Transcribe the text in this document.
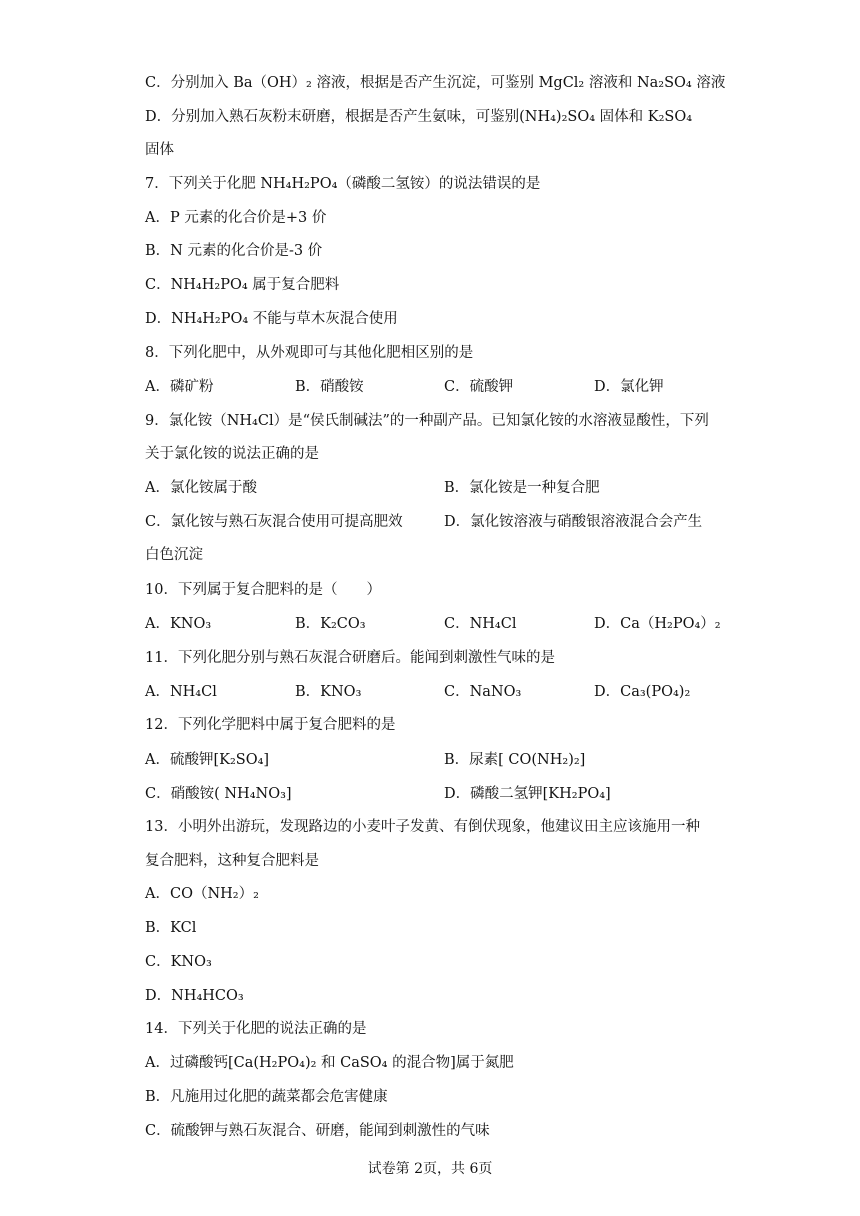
C．分别加入 Ba（OH）₂ 溶液，根据是否产生沉淀，可鉴别 MgCl₂ 溶液和 Na₂SO₄ 溶液
D．分别加入熟石灰粉末研磨，根据是否产生氨味，可鉴别(NH₄)₂SO₄ 固体和 K₂SO₄
固体
7．下列关于化肥 NH₄H₂PO₄（磷酸二氢铵）的说法错误的是
A．P 元素的化合价是+3 价
B．N 元素的化合价是-3 价
C．NH₄H₂PO₄ 属于复合肥料
D．NH₄H₂PO₄ 不能与草木灰混合使用
8．下列化肥中，从外观即可与其他化肥相区别的是
A．磷矿粉	B．硝酸铵	C．硫酸钾	D．氯化钾
9．氯化铵（NH₄Cl）是“侯氏制碱法”的一种副产品。已知氯化铵的水溶液显酸性，下列
关于氯化铵的说法正确的是
A．氯化铵属于酸	B．氯化铵是一种复合肥
C．氯化铵与熟石灰混合使用可提高肥效	D．氯化铵溶液与硝酸银溶液混合会产生
白色沉淀
10．下列属于复合肥料的是（　　）
A．KNO₃	B．K₂CO₃	C．NH₄Cl	D．Ca（H₂PO₄）₂
11．下列化肥分别与熟石灰混合研磨后。能闻到刺激性气味的是
A．NH₄Cl	B．KNO₃	C．NaNO₃	D．Ca₃(PO₄)₂
12．下列化学肥料中属于复合肥料的是
A．硫酸钾[K₂SO₄]	B．尿素[ CO(NH₂)₂]
C．硝酸铵( NH₄NO₃]	D．磷酸二氢钾[KH₂PO₄]
13．小明外出游玩，发现路边的小麦叶子发黄、有倒伏现象，他建议田主应该施用一种
复合肥料，这种复合肥料是
A．CO（NH₂）₂
B．KCl
C．KNO₃
D．NH₄HCO₃
14．下列关于化肥的说法正确的是
A．过磷酸钙[Ca(H₂PO₄)₂ 和 CaSO₄ 的混合物]属于氮肥
B．凡施用过化肥的蔬菜都会危害健康
C．硫酸钾与熟石灰混合、研磨，能闻到刺激性的气味
试卷第 2页，共 6页
